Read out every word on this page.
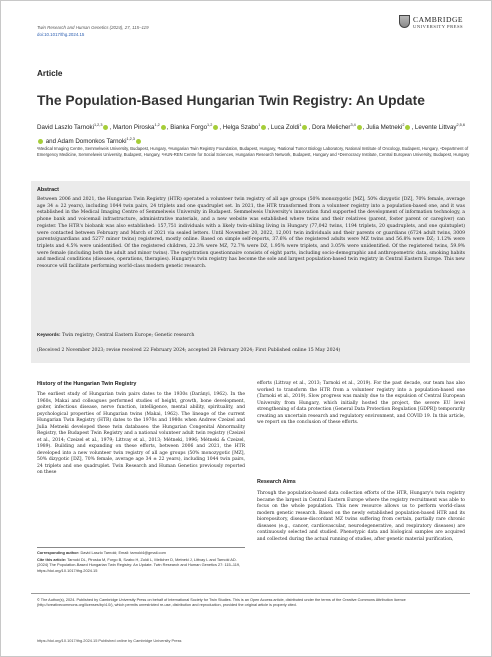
Twin Research and Human Genetics (2024), 27, 115–119
doi:10.1017/thg.2024.15
CAMBRIDGE
UNIVERSITY PRESS
Article
The Population-Based Hungarian Twin Registry: An Update
David Laszlo Tarnoki$^{1,2,3}$ , Marton Piroska$^{1,2}$ , Bianka Forgo$^{1,2}$ , Helga Szabo$^1$ , Luca Zoldi$^1$ , Dora Melicher$^{3,4}$ , Julia Metneki$^2$ , Levente Littvay$^{2,5,6}$ and Adam Domonkos Tarnoki$^{1,2,3}$
¹Medical Imaging Centre, Semmelweis University, Budapest, Hungary, ²Hungarian Twin Registry Foundation, Budapest, Hungary, ³National Tumor Biology Laboratory, National Institute of Oncology, Budapest, Hungary, ⁴Department of Emergency Medicine, Semmelweis University, Budapest, Hungary, ⁵HUN-REN Centre for Social Sciences, Hungarian Research Network, Budapest, Hungary and ⁶Democracy Institute, Central European University, Budapest, Hungary
Abstract
Between 2006 and 2021, the Hungarian Twin Registry (HTR) operated a volunteer twin registry of all age groups (50% monozygotic [MZ], 50% dizygotic [DZ], 70% female, average age 34 ± 22 years), including 1044 twin pairs, 24 triplets and one quadruplet set. In 2021, the HTR transformed from a volunteer registry into a population-based one, and it was established in the Medical Imaging Centre of Semmelweis University in Budapest. Semmelweis University's innovation fund supported the development of information technology, a phone bank and voicemail infrastructure, administrative materials, and a new website was established where twins and their relatives (parent, foster parent or caregiver) can register. The HTR's biobank was also established: 157,751 individuals with a likely twin-sibling living in Hungary (77,042 twins, 1194 triplets, 20 quadruplets, and one quintuplet) were contacted between February and March of 2021 via sealed letters. Until November 20, 2022, 12,001 twin individuals and their parents or guardians (6724 adult twins, 3009 parents/guardians and 5277 minor twins) registered, mostly online. Based on simple self-reports, 37.6% of the registered adults were MZ twins and 56.8% were DZ; 1.12% were triplets and 4.5% were unidentified. Of the registered children, 22.3% were MZ, 72.7% were DZ, 1.95% were triplets, and 3.05% were unidentified. Of the registered twins, 59.9% were female (including both the adult and minor twins). The registration questionnaire consists of eight parts, including socio-demographic and anthropometric data, smoking habits and medical conditions (diseases, operations, therapies). Hungary's twin registry has become the sole and largest population-based twin registry in Central Eastern Europe. This new resource will facilitate performing world-class modern genetic research.
Keywords: Twin registry; Central Eastern Europe; Genetic research
(Received 2 November 2023; revise received 22 February 2024; accepted 28 February 2024; First Published online 15 May 2024)
History of the Hungarian Twin Registry
The earliest study of Hungarian twin pairs dates to the 1930s (Darányi, 1962). In the 1960s, Makai and colleagues performed studies of height, growth, bone development, goiter, infectious disease, nerve function, intelligence, mental ability, spirituality, and psychological properties of Hungarian twins (Makai, 1962). The lineage of the current Hungarian Twin Registry (HTR) dates to the 1970s and 1980s when Andrew Czeizel and Julia Metneki developed these twin databases: the Hungarian Congenital Abnormality Registry, the Budapest Twin Registry and a national volunteer adult twin registry (Czeizel et al., 2014; Czeizel et al., 1979; Littvay et al., 2013; Métneki, 1996; Métneki & Czeizel, 1989). Building and expanding on these efforts, between 2006 and 2021, the HTR developed into a new volunteer twin registry of all age groups (50% monozygotic [MZ], 50% dizygotic [DZ], 70% female, average age 34 ± 22 years), including 1044 twin pairs, 24 triplets and one quadruplet. Twin Research and Human Genetics previously reported on these
efforts (Littvay et al., 2013; Tarnoki et al., 2019). For the past decade, our team has also worked to transform the HTR from a volunteer registry into a population-based one (Tarnoki et al., 2019). Slow progress was mainly due to the expulsion of Central European University from Hungary, which initially hosted the project, the severe EU level strengthening of data protection (General Data Protection Regulation [GDPR]) temporarily creating an uncertain research and regulatory environment, and COVID 19. In this article, we report on the conclusion of these efforts.
Research Aims
Through the population-based data collection efforts of the HTR, Hungary's twin registry became the largest in Central Eastern Europe where the registry recruitment was able to focus on the whole population. This new resource allows us to perform world-class modern genetic research. Based on the newly established population-based HTR and its biorepository, disease-discordant MZ twins suffering from certain, partially rare chronic diseases (e.g., cancer, cardiovascular, neurodegenerative, and respiratory diseases) are continuously selected and studied. Phenotypic data and biological samples are acquired and collected during the actual running of studies, after genetic material purification,

Corresponding author: David Laszlo Tarnoki; Email: tarnoki4@gmail.com

Cite this article: Tarnoki DL, Piroska M, Forgo B, Szabo H, Zoldi L, Melicher D, Metneki J, Littvay L and Tarnoki AD. (2024) The Population-Based Hungarian Twin Registry: An Update. Twin Research and Human Genetics 27: 115–119, https://doi.org/10.1017/thg.2024.15

© The Author(s), 2024. Published by Cambridge University Press on behalf of International Society for Twin Studies. This is an Open Access article, distributed under the terms of the Creative Commons Attribution licence (http://creativecommons.org/licenses/by/4.0/), which permits unrestricted re-use, distribution and reproduction, provided the original article is properly cited.
https://doi.org/10.1017/thg.2024.15 Published online by Cambridge University Press
